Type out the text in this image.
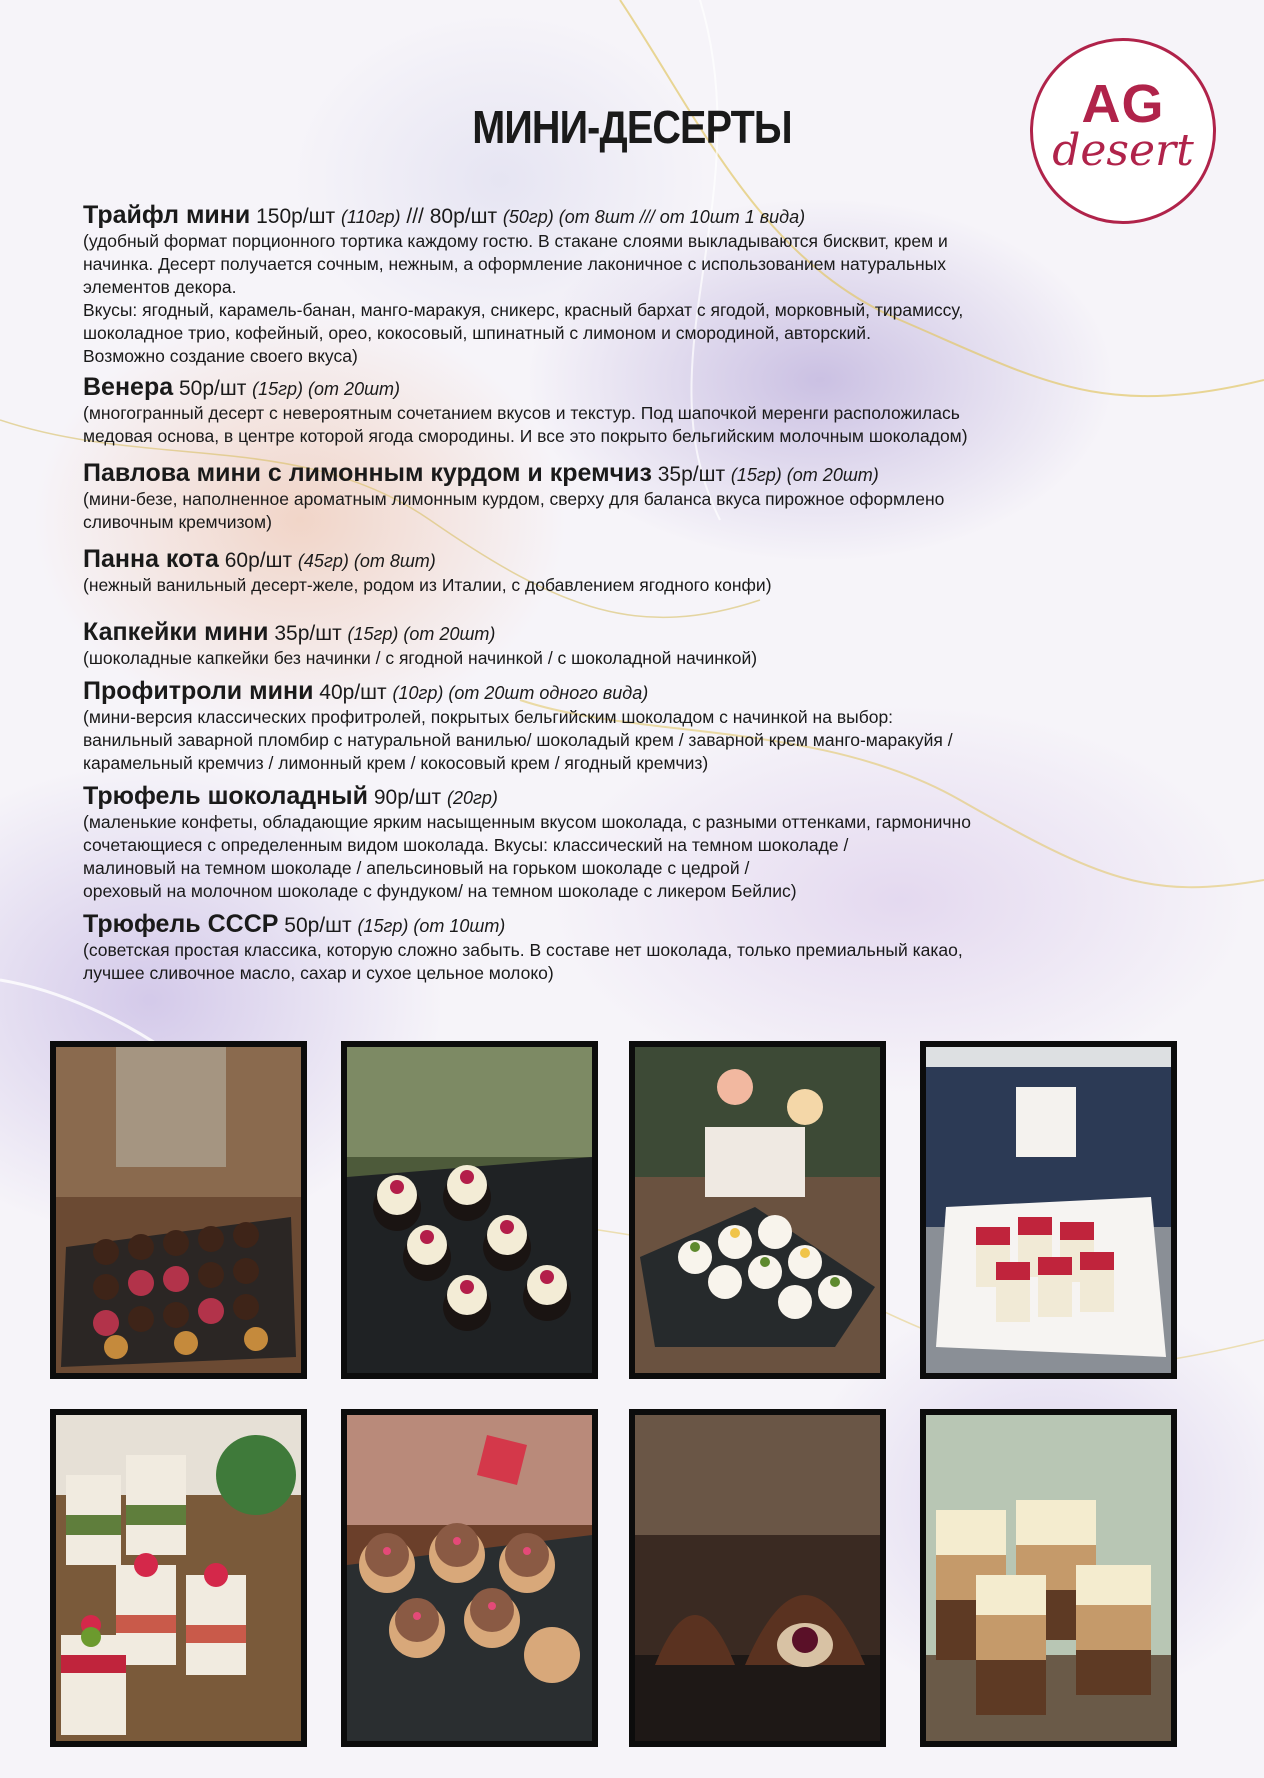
AG
desert
МИНИ-ДЕСЕРТЫ
Трайфл мини 150р/шт (110гр) /// 80р/шт (50гр) (от 8шт /// от 10шт 1 вида)
(удобный формат порционного тортика каждому гостю. В стакане слоями выкладываются бисквит, крем и
начинка. Десерт получается сочным, нежным, а оформление лаконичное с использованием натуральных
элементов декора.
Вкусы: ягодный, карамель-банан, манго-маракуя, сникерс, красный бархат с ягодой, морковный, тирамиссу,
шоколадное трио, кофейный, орео, кокосовый, шпинатный с лимоном и смородиной, авторский.
Возможно создание своего вкуса)
Венера 50р/шт (15гр) (от 20шт)
(многогранный десерт с невероятным сочетанием вкусов и текстур. Под шапочкой меренги расположилась
медовая основа, в центре которой ягода смородины. И все это покрыто бельгийским молочным шоколадом)
Павлова мини с лимонным курдом и кремчиз 35р/шт (15гр) (от 20шт)
(мини-безе, наполненное ароматным лимонным курдом, сверху для баланса вкуса пирожное оформлено
сливочным кремчизом)
Панна кота 60р/шт (45гр) (от 8шт)
(нежный ванильный десерт-желе, родом из Италии, с добавлением ягодного конфи)
Капкейки мини 35р/шт (15гр) (от 20шт)
(шоколадные капкейки без начинки / с ягодной начинкой / с шоколадной начинкой)
Профитроли мини 40р/шт (10гр) (от 20шт одного вида)
(мини-версия классических профитролей, покрытых бельгийским шоколадом с начинкой на выбор:
ванильный заварной пломбир с натуральной ванилью/ шоколадый крем / заварной крем манго-маракуйя /
карамельный кремчиз / лимонный крем / кокосовый крем / ягодный кремчиз)
Трюфель шоколадный 90р/шт (20гр)
(маленькие конфеты, обладающие ярким насыщенным вкусом шоколада, с разными оттенками, гармонично
сочетающиеся с определенным видом шоколада. Вкусы: классический на темном шоколаде /
малиновый на темном шоколаде / апельсиновый на горьком шоколаде с цедрой /
ореховый на молочном шоколаде с фундуком/ на темном шоколаде с ликером Бейлис)
Трюфель СССР 50р/шт (15гр) (от 10шт)
(советская простая классика, которую сложно забыть. В составе нет шоколада, только премиальный какао,
лучшее сливочное масло, сахар и сухое цельное молоко)
